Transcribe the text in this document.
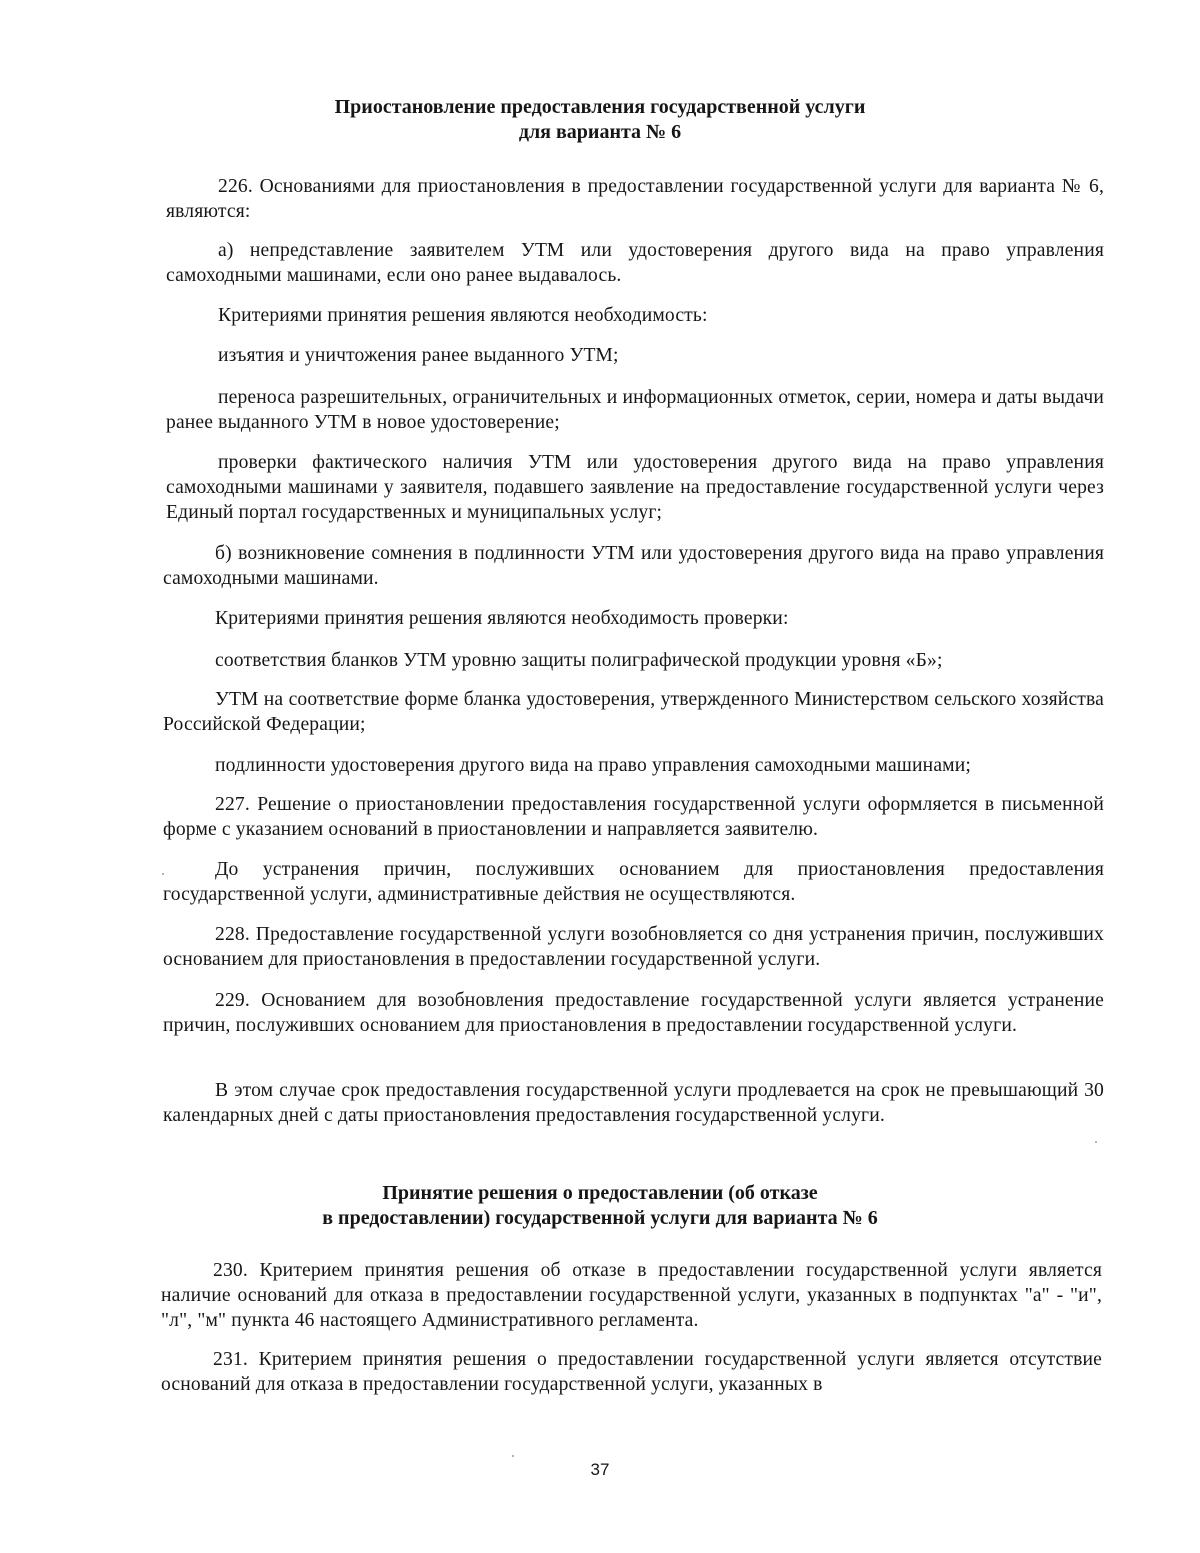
Приостановление предоставления государственной услуги
для варианта № 6

226. Основаниями для приостановления в предоставлении государственной услуги для варианта № 6, являются:

а) непредставление заявителем УТМ или удостоверения другого вида на право управления самоходными машинами, если оно ранее выдавалось.

Критериями принятия решения являются необходимость:

изъятия и уничтожения ранее выданного УТМ;

переноса разрешительных, ограничительных и информационных отметок, серии, номера и даты выдачи ранее выданного УТМ в новое удостоверение;

проверки фактического наличия УТМ или удостоверения другого вида на право управления самоходными машинами у заявителя, подавшего заявление на предоставление государственной услуги через Единый портал государственных и муниципальных услуг;

б) возникновение сомнения в подлинности УТМ или удостоверения другого вида на право управления самоходными машинами.

Критериями принятия решения являются необходимость проверки:

соответствия бланков УТМ уровню защиты полиграфической продукции уровня «Б»;

УТМ на соответствие форме бланка удостоверения, утвержденного Министерством сельского хозяйства Российской Федерации;

подлинности удостоверения другого вида на право управления самоходными машинами;

227. Решение о приостановлении предоставления государственной услуги оформляется в письменной форме с указанием оснований в приостановлении и направляется заявителю.

До устранения причин, послуживших основанием для приостановления предоставления государственной услуги, административные действия не осуществляются.

228. Предоставление государственной услуги возобновляется со дня устранения причин, послуживших основанием для приостановления в предоставлении государственной услуги.

229. Основанием для возобновления предоставление государственной услуги является устранение причин, послуживших основанием для приостановления в предоставлении государственной услуги.

В этом случае срок предоставления государственной услуги продлевается на срок не превышающий 30 календарных дней с даты приостановления предоставления государственной услуги.

Принятие решения о предоставлении (об отказе
в предоставлении) государственной услуги для варианта № 6

230. Критерием принятия решения об отказе в предоставлении государственной услуги является наличие оснований для отказа в предоставлении государственной услуги, указанных в подпунктах "а" - "и", "л", "м" пункта 46 настоящего Административного регламента.

231. Критерием принятия решения о предоставлении государственной услуги является отсутствие оснований для отказа в предоставлении государственной услуги, указанных в

37
